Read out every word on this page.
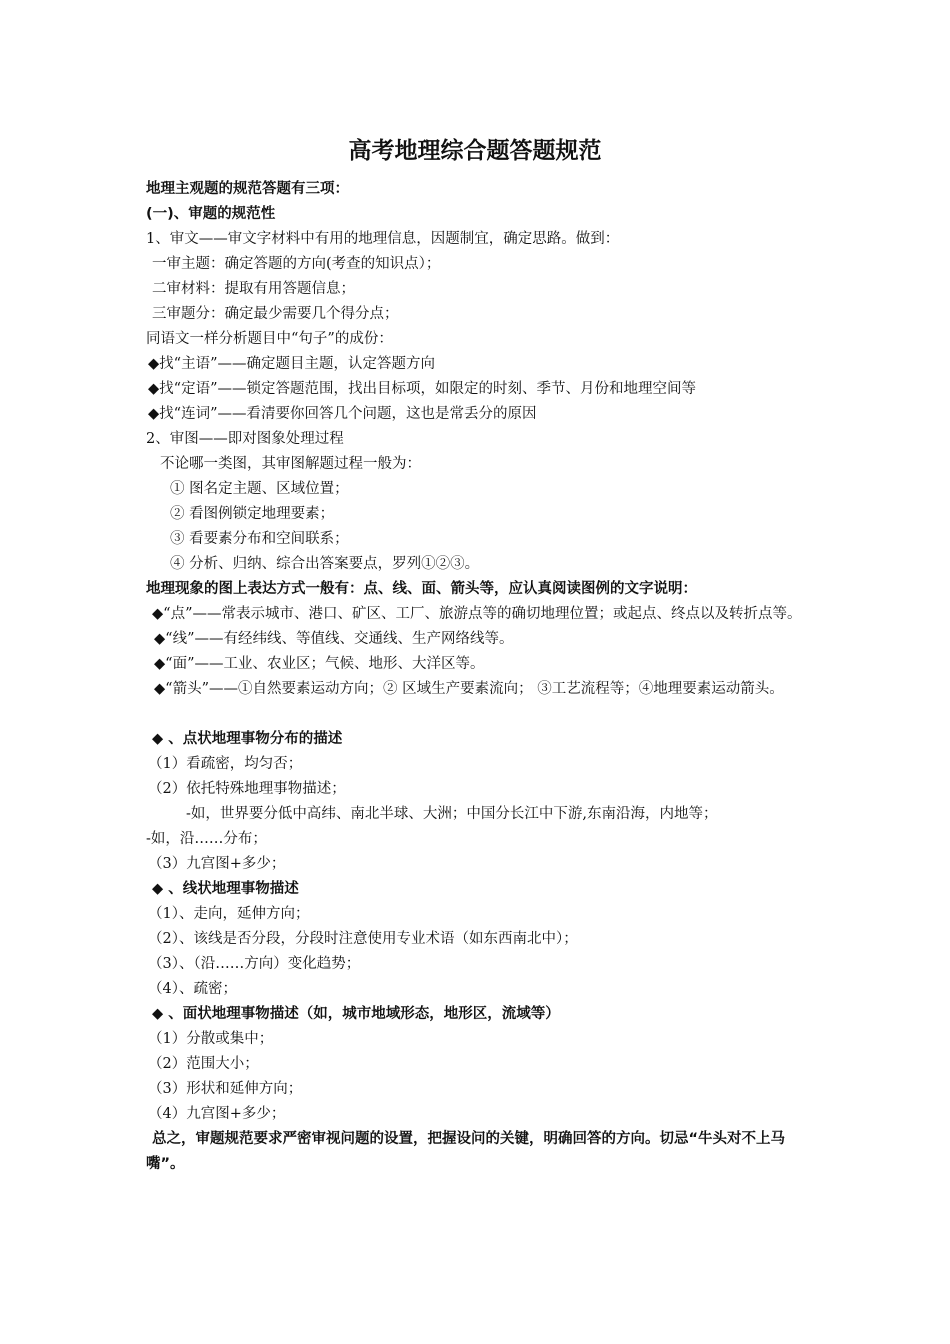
高考地理综合题答题规范

地理主观题的规范答题有三项：

(一)、审题的规范性

1、审文——审文字材料中有用的地理信息，因题制宜，确定思路。做到：

一审主题：确定答题的方向(考查的知识点）；

二审材料：提取有用答题信息；

三审题分：确定最少需要几个得分点；

同语文一样分析题目中“句子”的成份：

◆找“主语”——确定题目主题，认定答题方向

◆找“定语”——锁定答题范围，找出目标项，如限定的时刻、季节、月份和地理空间等

◆找“连词”——看清要你回答几个问题，这也是常丢分的原因

2、审图——即对图象处理过程

不论哪一类图，其审图解题过程一般为：

① 图名定主题、区域位置；

② 看图例锁定地理要素；

③ 看要素分布和空间联系；

④ 分析、归纳、综合出答案要点，罗列①②③。

地理现象的图上表达方式一般有：点、线、面、箭头等，应认真阅读图例的文字说明：

◆“点”——常表示城市、港口、矿区、工厂、旅游点等的确切地理位置；或起点、终点以及转折点等。

◆“线”——有经纬线、等值线、交通线、生产网络线等。

◆“面”——工业、农业区；气候、地形、大洋区等。

◆“箭头”——①自然要素运动方向；② 区域生产要素流向； ③工艺流程等；④地理要素运动箭头。

◆ 、点状地理事物分布的描述

（1）看疏密，均匀否；

（2）依托特殊地理事物描述；

-如，世界要分低中高纬、南北半球、大洲；中国分长江中下游,东南沿海，内地等；

-如，沿……分布；

（3）九宫图+多少；

◆ 、线状地理事物描述

（1）、走向，延伸方向；

（2）、该线是否分段，分段时注意使用专业术语（如东西南北中）；

（3）、（沿……方向）变化趋势；

（4）、疏密；

◆ 、面状地理事物描述（如，城市地域形态，地形区，流域等）

（1）分散或集中；

（2）范围大小；

（3）形状和延伸方向；

（4）九宫图+多少；

总之，审题规范要求严密审视问题的设置，把握设问的关键，明确回答的方向。切忌“牛头对不上马嘴”。
